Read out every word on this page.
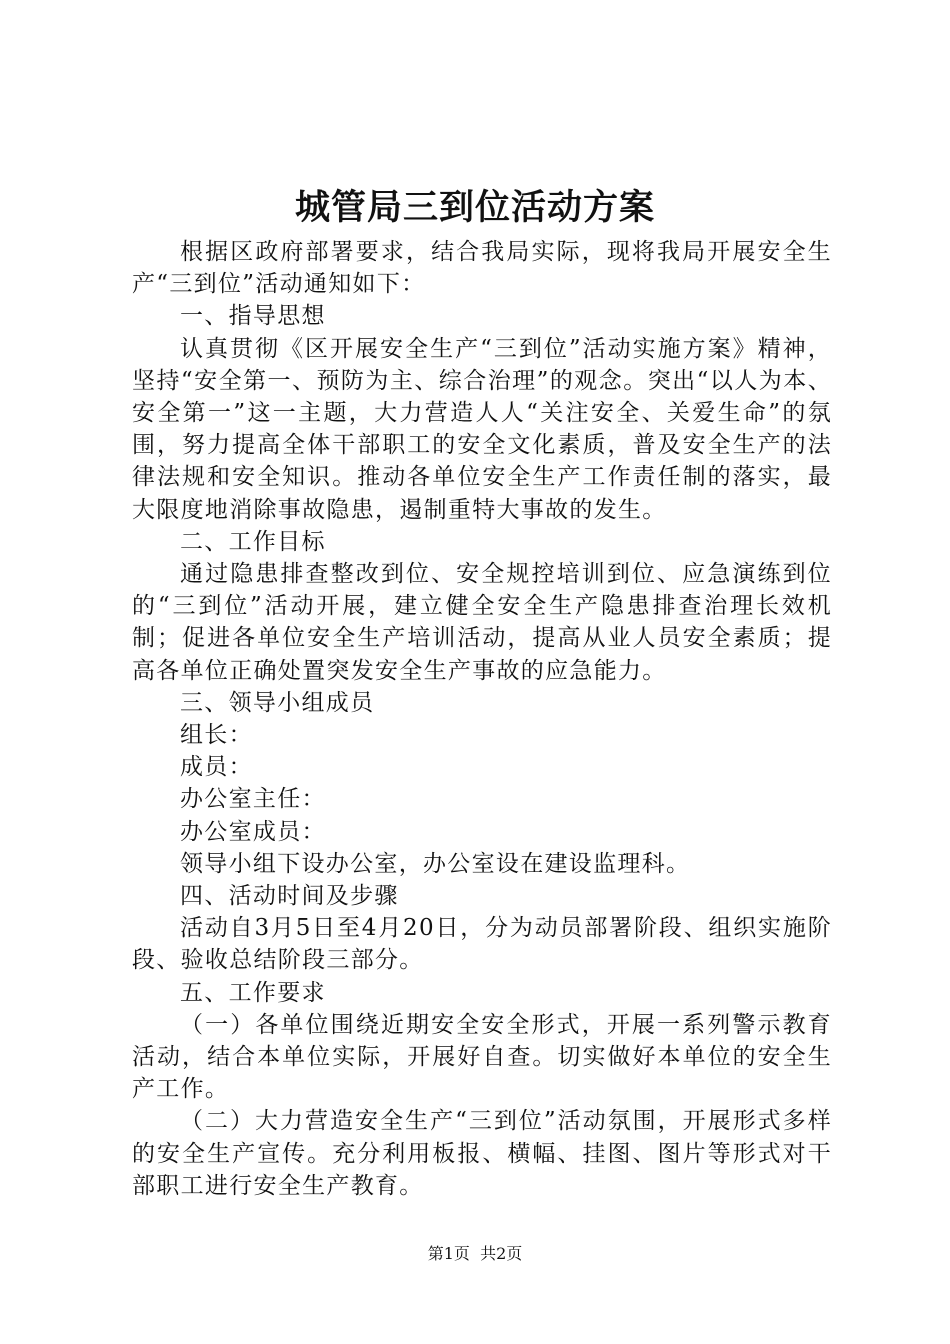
城管局三到位活动方案

根据区政府部署要求，结合我局实际，现将我局开展安全生产“三到位”活动通知如下：

一、指导思想

认真贯彻《区开展安全生产“三到位”活动实施方案》精神，坚持“安全第一、预防为主、综合治理”的观念。突出“以人为本、安全第一”这一主题，大力营造人人“关注安全、关爱生命”的氛围，努力提高全体干部职工的安全文化素质，普及安全生产的法律法规和安全知识。推动各单位安全生产工作责任制的落实，最大限度地消除事故隐患，遏制重特大事故的发生。

二、工作目标

通过隐患排查整改到位、安全规控培训到位、应急演练到位的“三到位”活动开展，建立健全安全生产隐患排查治理长效机制；促进各单位安全生产培训活动，提高从业人员安全素质；提高各单位正确处置突发安全生产事故的应急能力。

三、领导小组成员

组长：

成员：

办公室主任：

办公室成员：

领导小组下设办公室，办公室设在建设监理科。

四、活动时间及步骤

活动自3月5日至4月20日，分为动员部署阶段、组织实施阶段、验收总结阶段三部分。

五、工作要求

（一）各单位围绕近期安全安全形式，开展一系列警示教育活动，结合本单位实际，开展好自查。切实做好本单位的安全生产工作。

（二）大力营造安全生产“三到位”活动氛围，开展形式多样的安全生产宣传。充分利用板报、横幅、挂图、图片等形式对干部职工进行安全生产教育。

第1页  共2页
